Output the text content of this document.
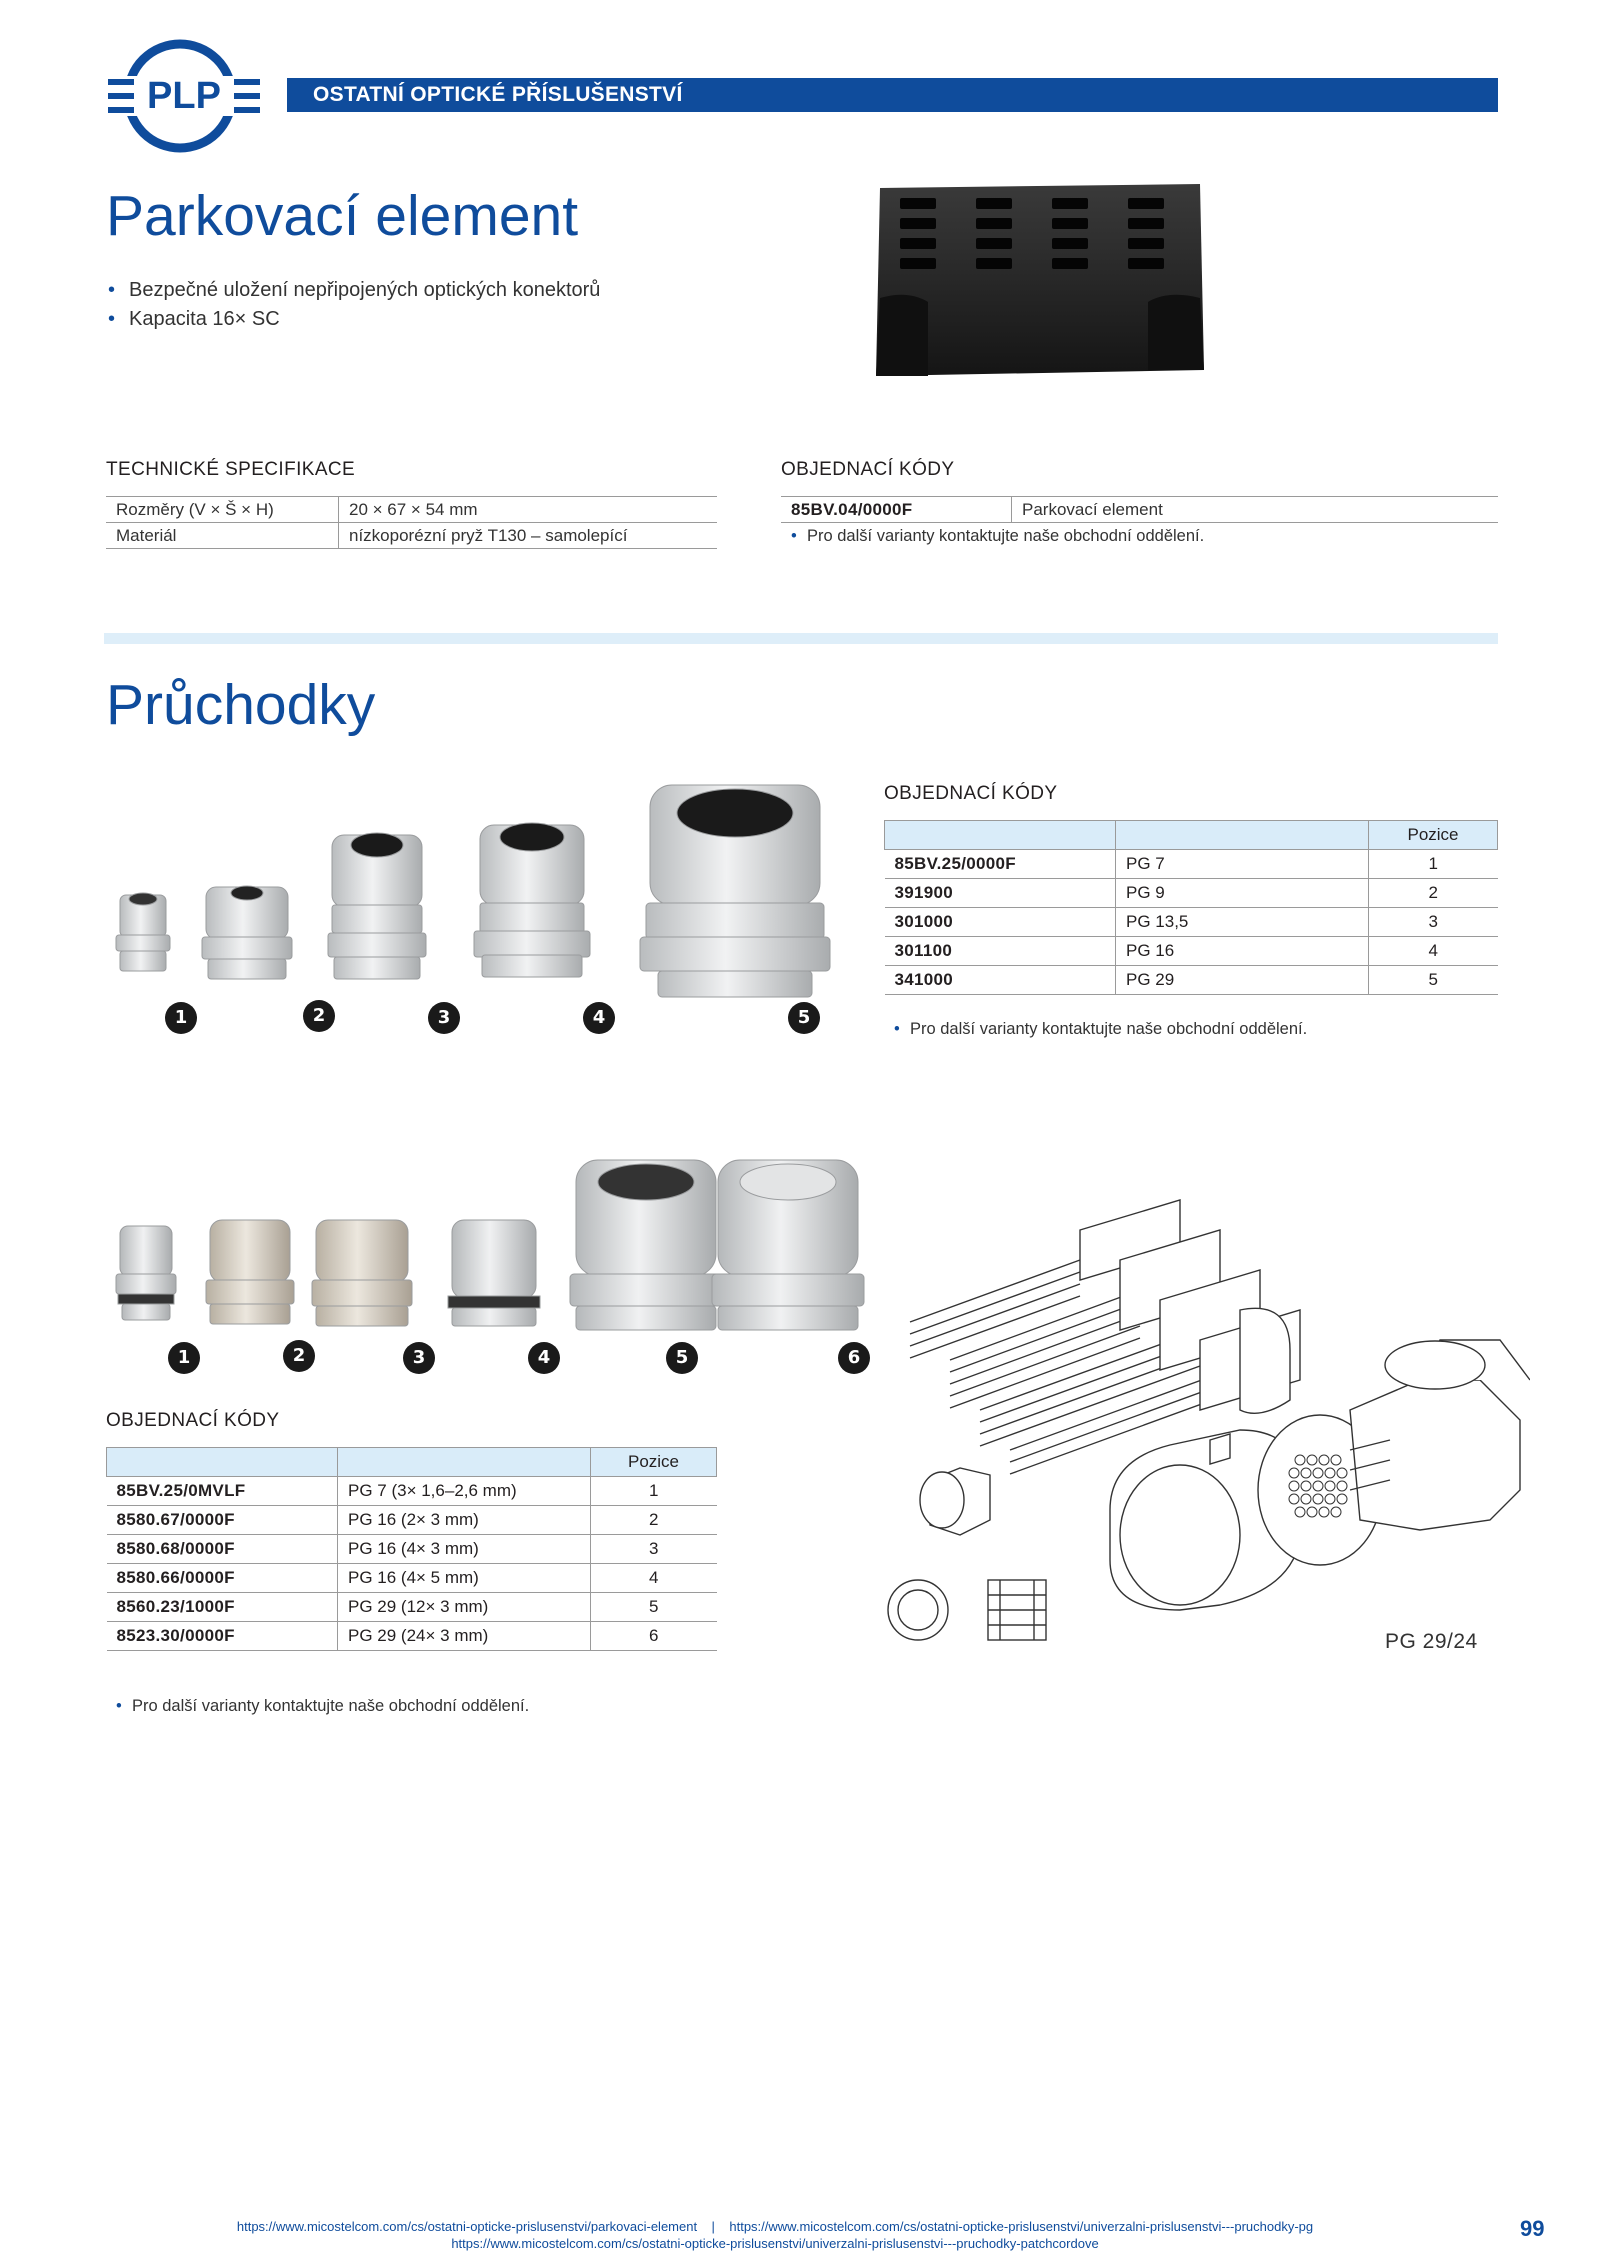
PLP	OSTATNÍ OPTICKÉ PŘÍSLUŠENSTVÍ
Parkovací element
• Bezpečné uložení nepřipojených optických konektorů
• Kapacita 16× SC
TECHNICKÉ SPECIFIKACE
Rozměry (V × Š × H)	20 × 67 × 54 mm
Materiál	nízkoporézní pryž T130 – samolepící
OBJEDNACÍ KÓDY
85BV.04/0000F	Parkovací element
• Pro další varianty kontaktujte naše obchodní oddělení.
Průchodky
1	2	3	4	5
OBJEDNACÍ KÓDY
		Pozice
85BV.25/0000F	PG 7	1
391900	PG 9	2
301000	PG 13,5	3
301100	PG 16	4
341000	PG 29	5
• Pro další varianty kontaktujte naše obchodní oddělení.
1	2	3	4	5	6
OBJEDNACÍ KÓDY
		Pozice
85BV.25/0MVLF	PG 7 (3× 1,6–2,6 mm)	1
8580.67/0000F	PG 16 (2× 3 mm)	2
8580.68/0000F	PG 16 (4× 3 mm)	3
8580.66/0000F	PG 16 (4× 5 mm)	4
8560.23/1000F	PG 29 (12× 3 mm)	5
8523.30/0000F	PG 29 (24× 3 mm)	6
• Pro další varianty kontaktujte naše obchodní oddělení.
PG 29/24
https://www.micostelcom.com/cs/ostatni-opticke-prislusenstvi/parkovaci-element | https://www.micostelcom.com/cs/ostatni-opticke-prislusenstvi/univerzalni-prislusenstvi---pruchodky-pg
https://www.micostelcom.com/cs/ostatni-opticke-prislusenstvi/univerzalni-prislusenstvi---pruchodky-patchcordove
99
